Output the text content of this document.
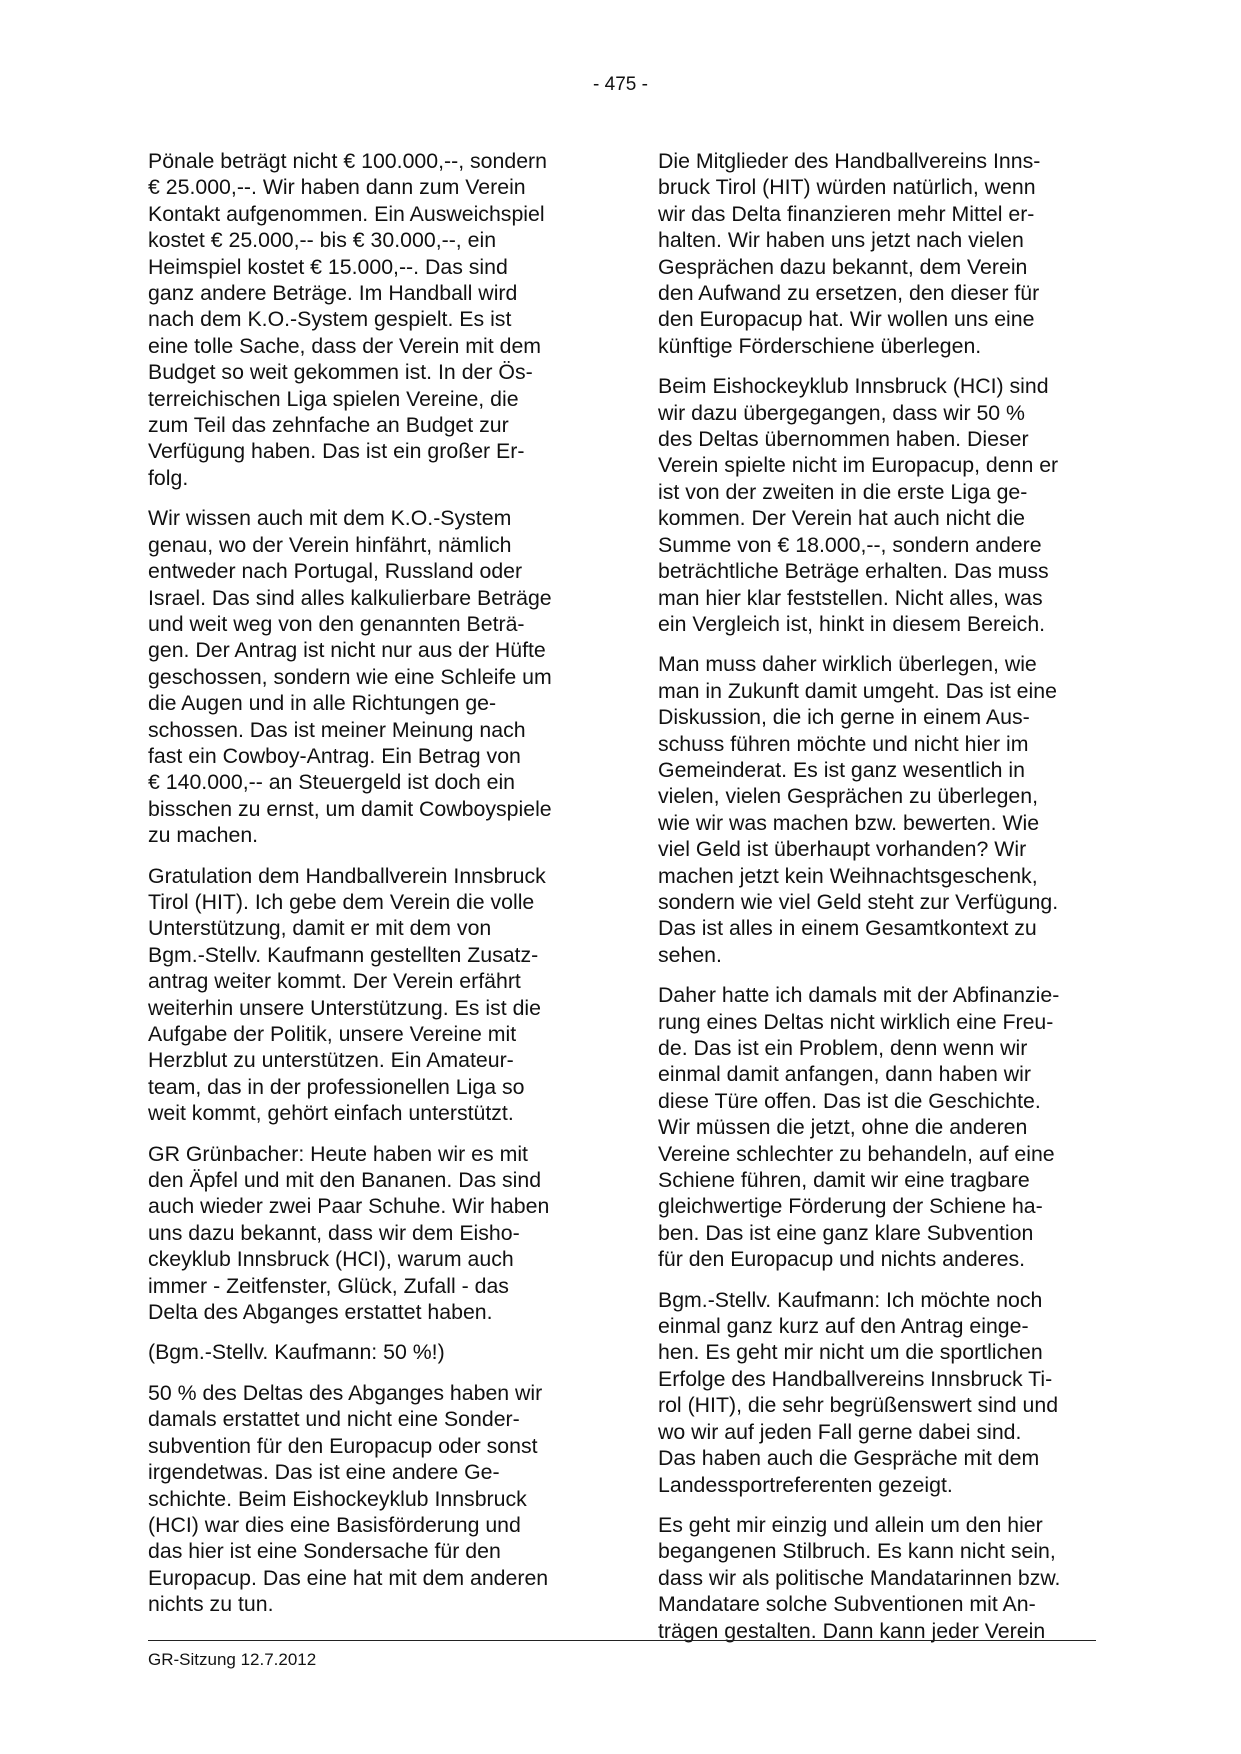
- 475 -

Pönale beträgt nicht € 100.000,--, sondern
€ 25.000,--. Wir haben dann zum Verein
Kontakt aufgenommen. Ein Ausweichspiel
kostet € 25.000,-- bis € 30.000,--, ein
Heimspiel kostet € 15.000,--. Das sind
ganz andere Beträge. Im Handball wird
nach dem K.O.-System gespielt. Es ist
eine tolle Sache, dass der Verein mit dem
Budget so weit gekommen ist. In der Ös-
terreichischen Liga spielen Vereine, die
zum Teil das zehnfache an Budget zur
Verfügung haben. Das ist ein großer Er-
folg.

Wir wissen auch mit dem K.O.-System
genau, wo der Verein hinfährt, nämlich
entweder nach Portugal, Russland oder
Israel. Das sind alles kalkulierbare Beträge
und weit weg von den genannten Beträ-
gen. Der Antrag ist nicht nur aus der Hüfte
geschossen, sondern wie eine Schleife um
die Augen und in alle Richtungen ge-
schossen. Das ist meiner Meinung nach
fast ein Cowboy-Antrag. Ein Betrag von
€ 140.000,-- an Steuergeld ist doch ein
bisschen zu ernst, um damit Cowboyspiele
zu machen.

Gratulation dem Handballverein Innsbruck
Tirol (HIT). Ich gebe dem Verein die volle
Unterstützung, damit er mit dem von
Bgm.-Stellv. Kaufmann gestellten Zusatz-
antrag weiter kommt. Der Verein erfährt
weiterhin unsere Unterstützung. Es ist die
Aufgabe der Politik, unsere Vereine mit
Herzblut zu unterstützen. Ein Amateur-
team, das in der professionellen Liga so
weit kommt, gehört einfach unterstützt.

GR Grünbacher: Heute haben wir es mit
den Äpfel und mit den Bananen. Das sind
auch wieder zwei Paar Schuhe. Wir haben
uns dazu bekannt, dass wir dem Eisho-
ckeyklub Innsbruck (HCI), warum auch
immer - Zeitfenster, Glück, Zufall - das
Delta des Abganges erstattet haben.

(Bgm.-Stellv. Kaufmann: 50 %!)

50 % des Deltas des Abganges haben wir
damals erstattet und nicht eine Sonder-
subvention für den Europacup oder sonst
irgendetwas. Das ist eine andere Ge-
schichte. Beim Eishockeyklub Innsbruck
(HCI) war dies eine Basisförderung und
das hier ist eine Sondersache für den
Europacup. Das eine hat mit dem anderen
nichts zu tun.

Die Mitglieder des Handballvereins Inns-
bruck Tirol (HIT) würden natürlich, wenn
wir das Delta finanzieren mehr Mittel er-
halten. Wir haben uns jetzt nach vielen
Gesprächen dazu bekannt, dem Verein
den Aufwand zu ersetzen, den dieser für
den Europacup hat. Wir wollen uns eine
künftige Förderschiene überlegen.

Beim Eishockeyklub Innsbruck (HCI) sind
wir dazu übergegangen, dass wir 50 %
des Deltas übernommen haben. Dieser
Verein spielte nicht im Europacup, denn er
ist von der zweiten in die erste Liga ge-
kommen. Der Verein hat auch nicht die
Summe von € 18.000,--, sondern andere
beträchtliche Beträge erhalten. Das muss
man hier klar feststellen. Nicht alles, was
ein Vergleich ist, hinkt in diesem Bereich.

Man muss daher wirklich überlegen, wie
man in Zukunft damit umgeht. Das ist eine
Diskussion, die ich gerne in einem Aus-
schuss führen möchte und nicht hier im
Gemeinderat. Es ist ganz wesentlich in
vielen, vielen Gesprächen zu überlegen,
wie wir was machen bzw. bewerten. Wie
viel Geld ist überhaupt vorhanden? Wir
machen jetzt kein Weihnachtsgeschenk,
sondern wie viel Geld steht zur Verfügung.
Das ist alles in einem Gesamtkontext zu
sehen.

Daher hatte ich damals mit der Abfinanzie-
rung eines Deltas nicht wirklich eine Freu-
de. Das ist ein Problem, denn wenn wir
einmal damit anfangen, dann haben wir
diese Türe offen. Das ist die Geschichte.
Wir müssen die jetzt, ohne die anderen
Vereine schlechter zu behandeln, auf eine
Schiene führen, damit wir eine tragbare
gleichwertige Förderung der Schiene ha-
ben. Das ist eine ganz klare Subvention
für den Europacup und nichts anderes.

Bgm.-Stellv. Kaufmann: Ich möchte noch
einmal ganz kurz auf den Antrag einge-
hen. Es geht mir nicht um die sportlichen
Erfolge des Handballvereins Innsbruck Ti-
rol (HIT), die sehr begrüßenswert sind und
wo wir auf jeden Fall gerne dabei sind.
Das haben auch die Gespräche mit dem
Landessportreferenten gezeigt.

Es geht mir einzig und allein um den hier
begangenen Stilbruch. Es kann nicht sein,
dass wir als politische Mandatarinnen bzw.
Mandatare solche Subventionen mit An-
trägen gestalten. Dann kann jeder Verein

GR-Sitzung 12.7.2012
